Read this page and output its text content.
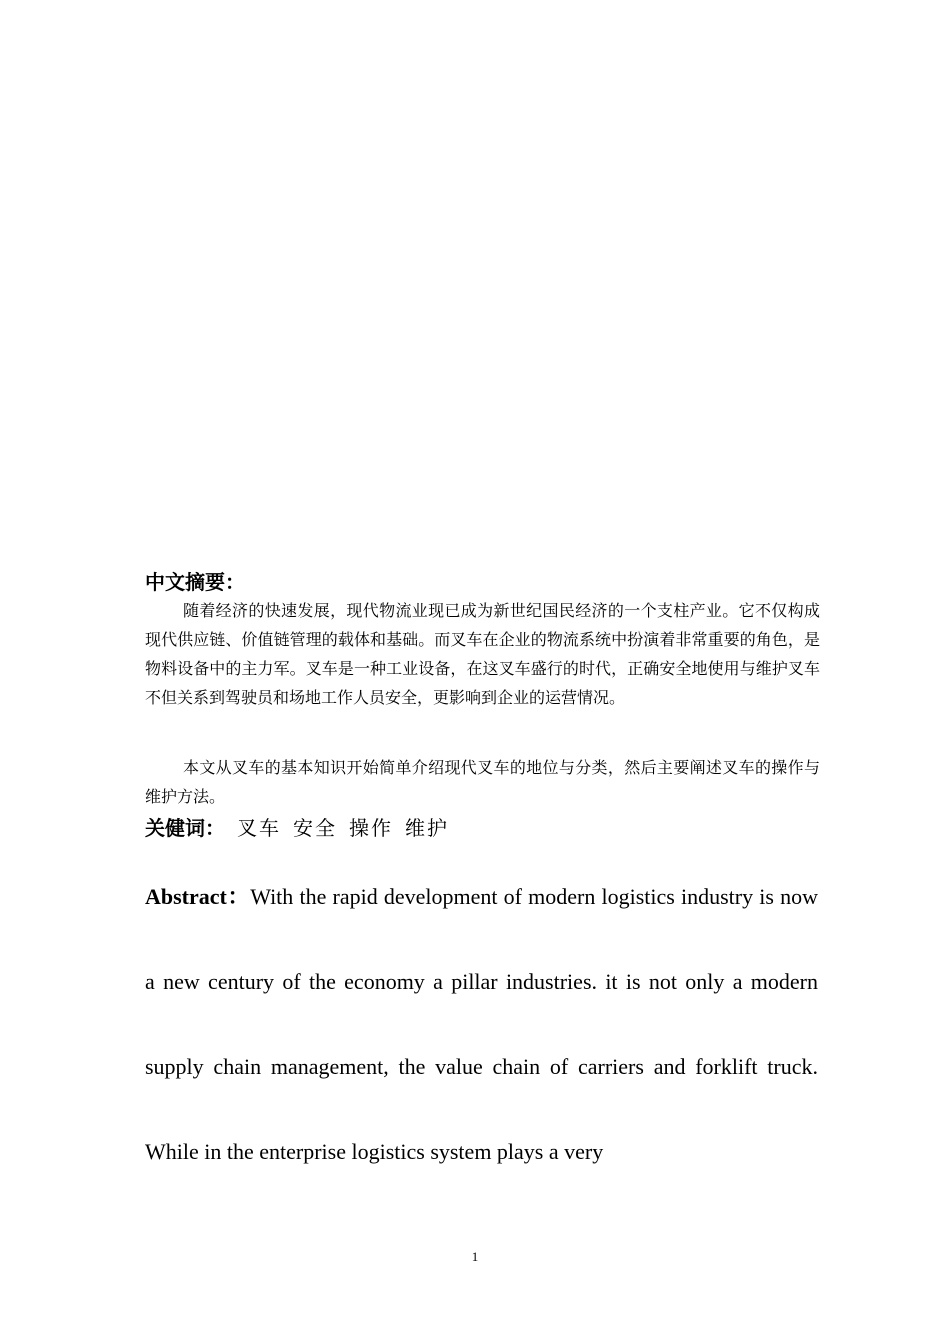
中文摘要：

随着经济的快速发展，现代物流业现已成为新世纪国民经济的一个支柱产业。它不仅构成现代供应链、价值链管理的载体和基础。而叉车在企业的物流系统中扮演着非常重要的角色，是物料设备中的主力军。叉车是一种工业设备，在这叉车盛行的时代，正确安全地使用与维护叉车不但关系到驾驶员和场地工作人员安全，更影响到企业的运营情况。

本文从叉车的基本知识开始简单介绍现代叉车的地位与分类，然后主要阐述叉车的操作与维护方法。

关健词： 叉车 安全 操作 维护

Abstract：With the rapid development of modern logistics industry is now a new century of the economy a pillar industries. it is not only a modern supply chain management, the value chain of carriers and forklift truck. While in the enterprise logistics system plays a very

1
